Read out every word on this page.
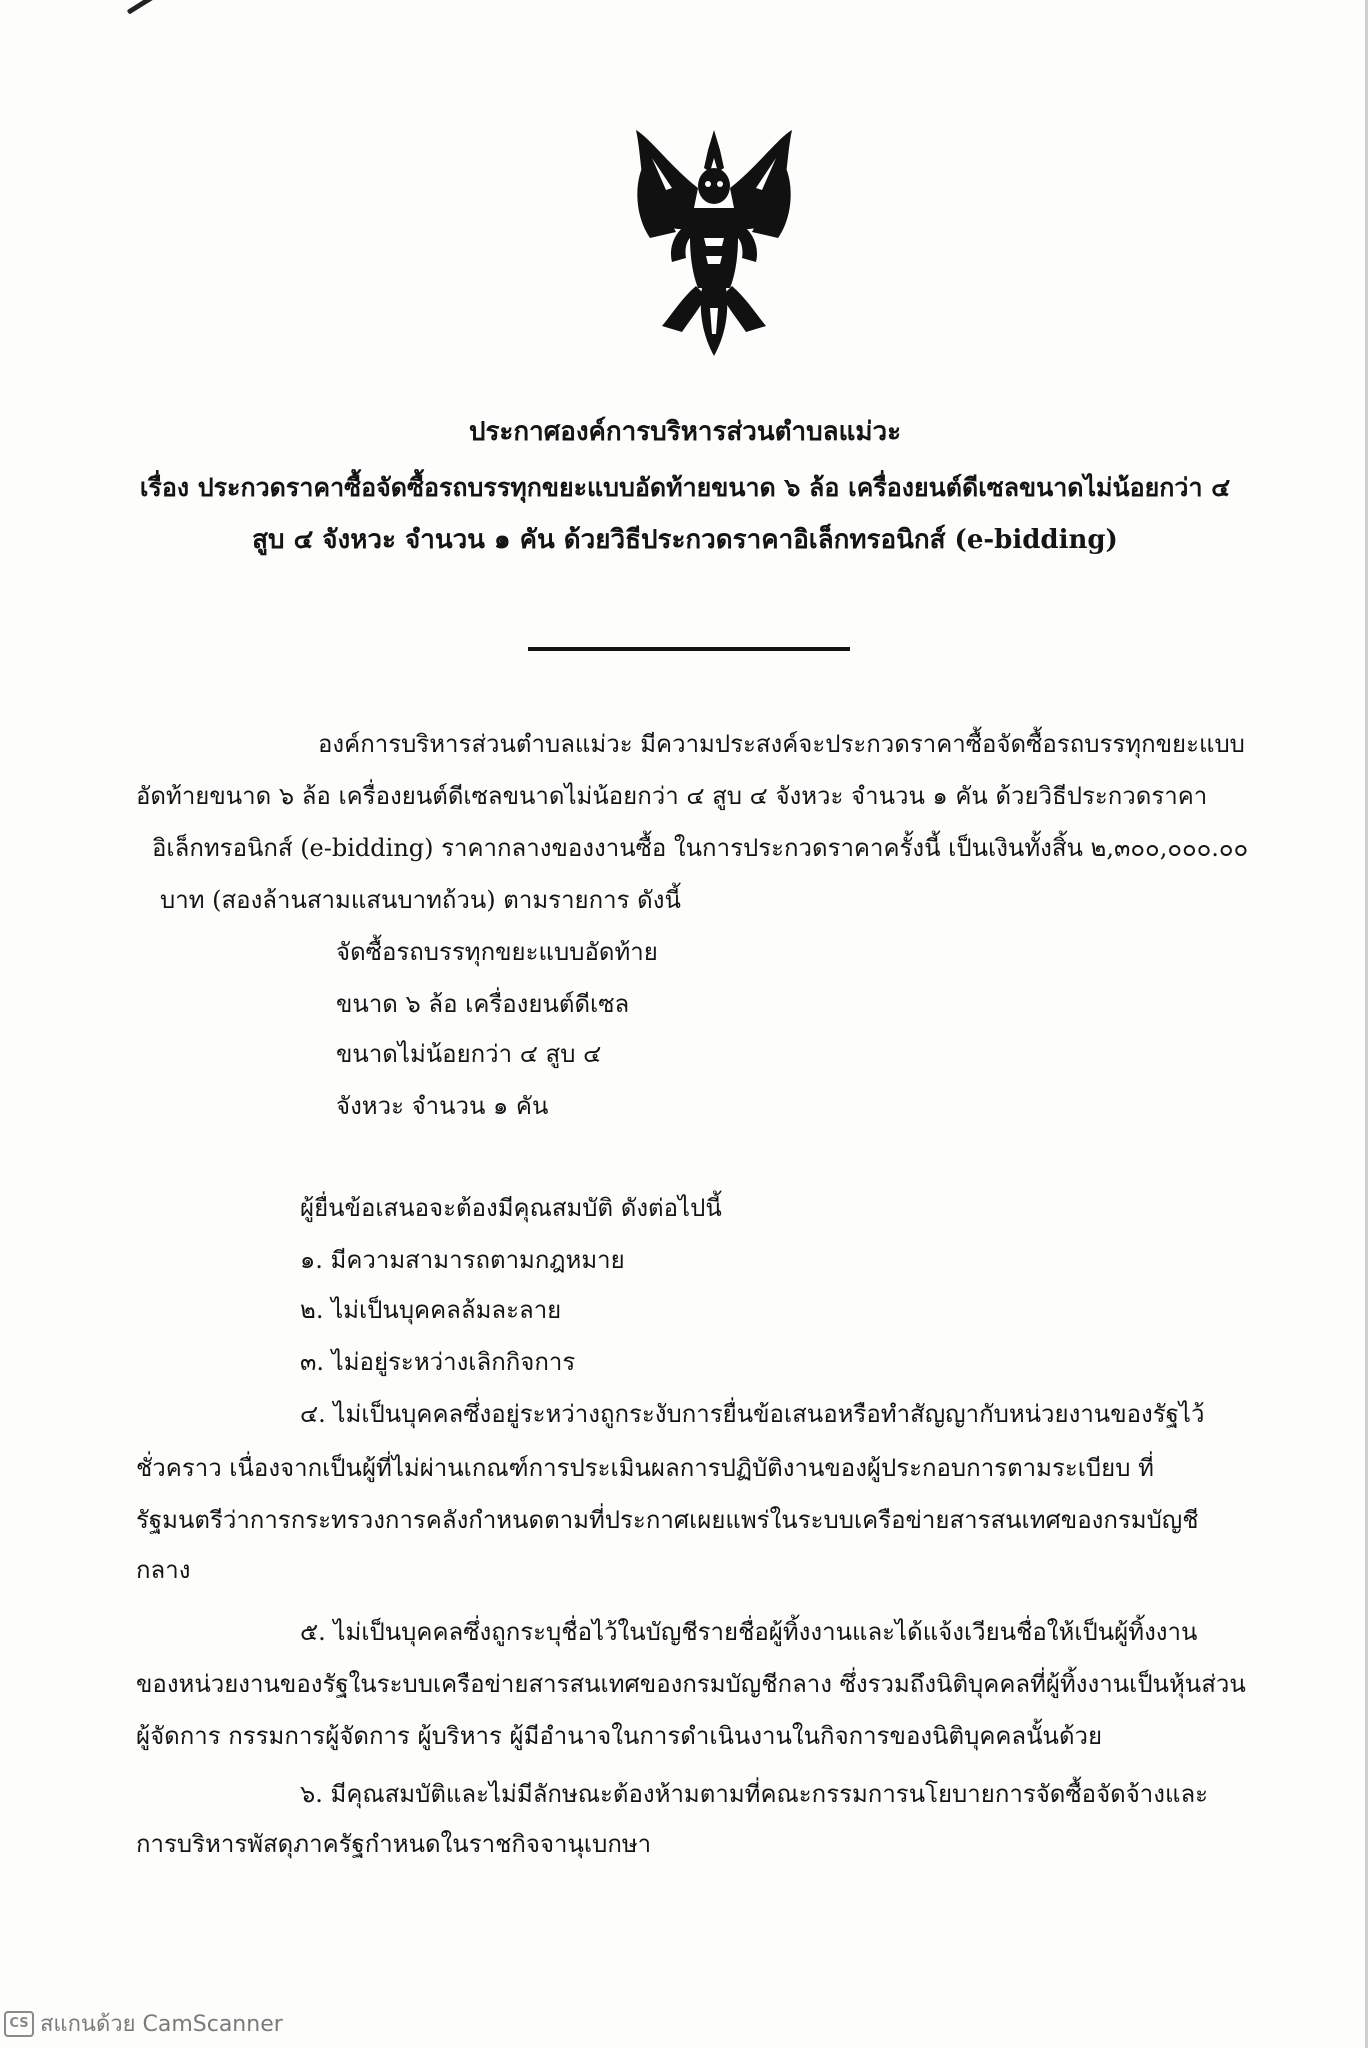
ประกาศองค์การบริหารส่วนตำบลแม่วะ
เรื่อง ประกวดราคาซื้อจัดซื้อรถบรรทุกขยะแบบอัดท้ายขนาด ๖ ล้อ เครื่องยนต์ดีเซลขนาดไม่น้อยกว่า ๔
สูบ ๔ จังหวะ จำนวน ๑ คัน ด้วยวิธีประกวดราคาอิเล็กทรอนิกส์ (e-bidding)
องค์การบริหารส่วนตำบลแม่วะ มีความประสงค์จะประกวดราคาซื้อจัดซื้อรถบรรทุกขยะแบบ
อัดท้ายขนาด ๖ ล้อ เครื่องยนต์ดีเซลขนาดไม่น้อยกว่า ๔ สูบ ๔ จังหวะ จำนวน ๑ คัน ด้วยวิธีประกวดราคา
อิเล็กทรอนิกส์ (e-bidding) ราคากลางของงานซื้อ ในการประกวดราคาครั้งนี้ เป็นเงินทั้งสิ้น ๒,๓๐๐,๐๐๐.๐๐
บาท (สองล้านสามแสนบาทถ้วน) ตามรายการ ดังนี้
จัดซื้อรถบรรทุกขยะแบบอัดท้าย
ขนาด ๖ ล้อ เครื่องยนต์ดีเซล
ขนาดไม่น้อยกว่า ๔ สูบ ๔
จังหวะ จำนวน ๑ คัน
ผู้ยื่นข้อเสนอจะต้องมีคุณสมบัติ ดังต่อไปนี้
๑. มีความสามารถตามกฎหมาย
๒. ไม่เป็นบุคคลล้มละลาย
๓. ไม่อยู่ระหว่างเลิกกิจการ
๔. ไม่เป็นบุคคลซึ่งอยู่ระหว่างถูกระงับการยื่นข้อเสนอหรือทำสัญญากับหน่วยงานของรัฐไว้
ชั่วคราว เนื่องจากเป็นผู้ที่ไม่ผ่านเกณฑ์การประเมินผลการปฏิบัติงานของผู้ประกอบการตามระเบียบ ที่
รัฐมนตรีว่าการกระทรวงการคลังกำหนดตามที่ประกาศเผยแพร่ในระบบเครือข่ายสารสนเทศของกรมบัญชี
กลาง
๕. ไม่เป็นบุคคลซึ่งถูกระบุชื่อไว้ในบัญชีรายชื่อผู้ทิ้งงานและได้แจ้งเวียนชื่อให้เป็นผู้ทิ้งงาน
ของหน่วยงานของรัฐในระบบเครือข่ายสารสนเทศของกรมบัญชีกลาง ซึ่งรวมถึงนิติบุคคลที่ผู้ทิ้งงานเป็นหุ้นส่วน
ผู้จัดการ กรรมการผู้จัดการ ผู้บริหาร ผู้มีอำนาจในการดำเนินงานในกิจการของนิติบุคคลนั้นด้วย
๖. มีคุณสมบัติและไม่มีลักษณะต้องห้ามตามที่คณะกรรมการนโยบายการจัดซื้อจัดจ้างและ
การบริหารพัสดุภาครัฐกำหนดในราชกิจจานุเบกษา
CS สแกนด้วย CamScanner
